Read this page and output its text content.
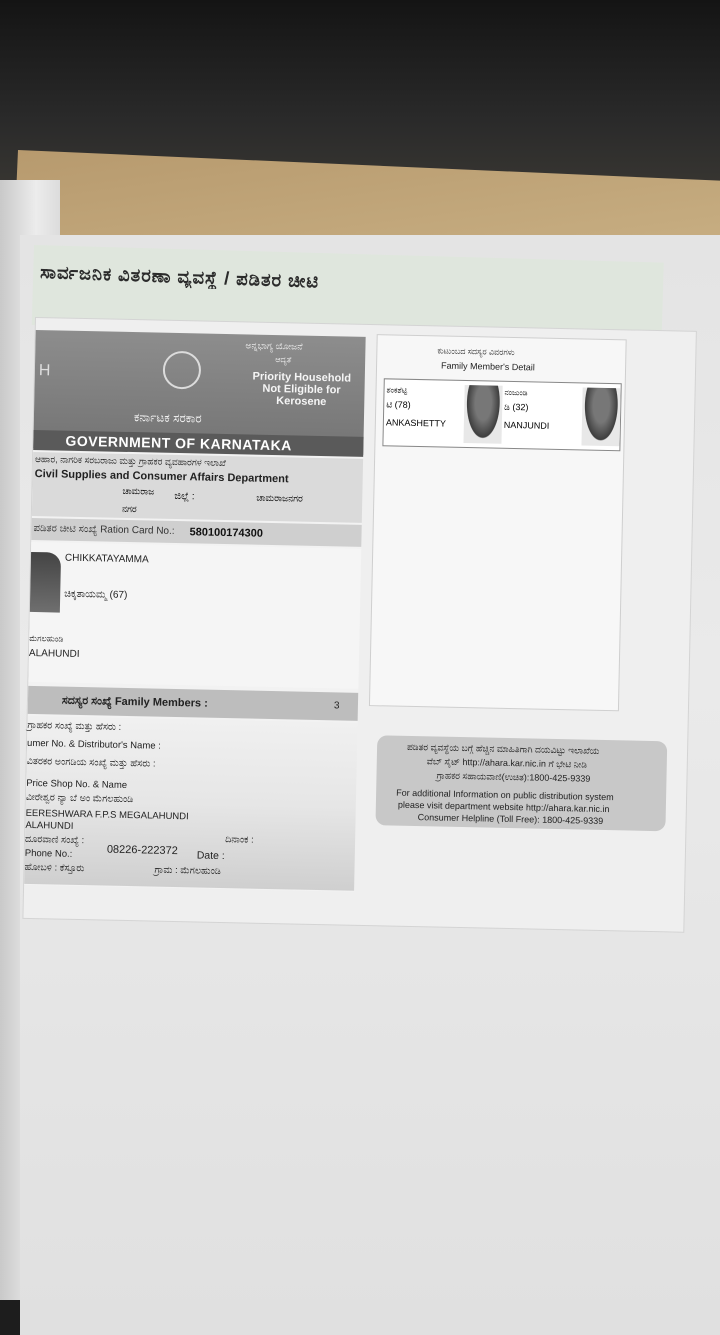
ಸಾರ್ವಜನಿಕ ವಿತರಣಾ ವ್ಯವಸ್ಥೆ / ಪಡಿತರ ಚೀಟಿ
H
ಅನ್ನಭಾಗ್ಯ ಯೋಜನೆ
ಆದ್ಯತೆ
Priority Household Not Eligible for Kerosene
ಕರ್ನಾಟಕ ಸರಕಾರ
GOVERNMENT OF KARNATAKA
ಆಹಾರ, ನಾಗರಿಕ ಸರಬರಾಜು ಮತ್ತು ಗ್ರಾಹಕರ ವ್ಯವಹಾರಗಳ ಇಲಾಖೆ
Civil Supplies and Consumer Affairs Department
ಚಾಮರಾಜ ಜಿಲ್ಲೆ :	ಚಾಮರಾಜನಗರ
ನಗರ
ಪಡಿತರ ಚೀಟಿ ಸಂಖ್ಯೆ Ration Card No.: 580100174300
CHIKKATAYAMMA
ಚಿಕ್ಕತಾಯಮ್ಮ (67)
ಮೆಗಲಹುಂಡಿ
ALAHUNDI
ಸದಸ್ಯರ ಸಂಖ್ಯೆ Family Members :	3
ಗ್ರಾಹಕರ ಸಂಖ್ಯೆ ಮತ್ತು ಹೆಸರು :
umer No. & Distributor's Name :
ವಿತರಕರ ಅಂಗಡಿಯ ಸಂಖ್ಯೆ ಮತ್ತು ಹೆಸರು :
Price Shop No. & Name
ವೀರೇಶ್ವರ ನ್ಯಾ ಬೆ ಅಂ ಮೆಗಲಹುಂಡಿ
EERESHWARA F.P.S MEGALAHUNDI
ALAHUNDI
ದೂರವಾಣಿ ಸಂಖ್ಯೆ :	ದಿನಾಂಕ :
08226-222372
Phone No.:	Date :
ಹೋಬಳಿ : ಕೆಸ್ತೂರು	ಗ್ರಾಮ : ಮೆಗಲಹುಂಡಿ
ಕುಟುಂಬದ ಸದಸ್ಯರ ವಿವರಗಳು
Family Member's Detail
ಶಂಕಶೆಟ್ಟಿ
ಟಿ (78)
ANKASHETTY
ನಂಜುಂಡಿ
ಡಿ (32)
NANJUNDI
ಪಡಿತರ ವ್ಯವಸ್ಥೆಯ ಬಗ್ಗೆ ಹೆಚ್ಚಿನ ಮಾಹಿತಿಗಾಗಿ ದಯವಿಟ್ಟು ಇಲಾಖೆಯ
ವೆಬ್ ಸೈಟ್ http://ahara.kar.nic.in ಗೆ ಭೇಟಿ ನೀಡಿ
ಗ್ರಾಹಕರ ಸಹಾಯವಾಣಿ(ಉಚಿತ):1800-425-9339
For additional Information on public distribution system
please visit department website http://ahara.kar.nic.in
Consumer Helpline (Toll Free): 1800-425-9339
